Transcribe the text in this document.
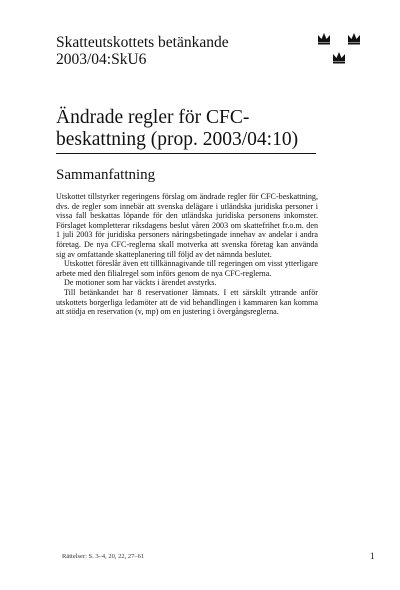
Skatteutskottets betänkande
2003/04:SkU6
Ändrade regler för CFC-beskattning (prop. 2003/04:10)
Sammanfattning

Utskottet tillstyrker regeringens förslag om ändrade regler för CFC-beskattning, dvs. de regler som innebär att svenska delägare i utländska juridiska personer i vissa fall beskattas löpande för den utländska juridiska personens inkomster. Förslaget kompletterar riksdagens beslut våren 2003 om skattefrihet fr.o.m. den 1 juli 2003 för juridiska personers näringsbetingade innehav av andelar i andra företag. De nya CFC-reglerna skall motverka att svenska företag kan använda sig av omfattande skatteplanering till följd av det nämnda beslutet.

Utskottet föreslår även ett tillkännagivande till regeringen om visst ytterligare arbete med den filialregel som införs genom de nya CFC-reglerna.

De motioner som har väckts i ärendet avstyrks.

Till betänkandet har 8 reservationer lämnats. I ett särskilt yttrande anför utskottets borgerliga ledamöter att de vid behandlingen i kammaren kan komma att stödja en reservation (v, mp) om en justering i övergångsreglerna.

Rättelser: S. 3–4, 20, 22, 27–61	1
